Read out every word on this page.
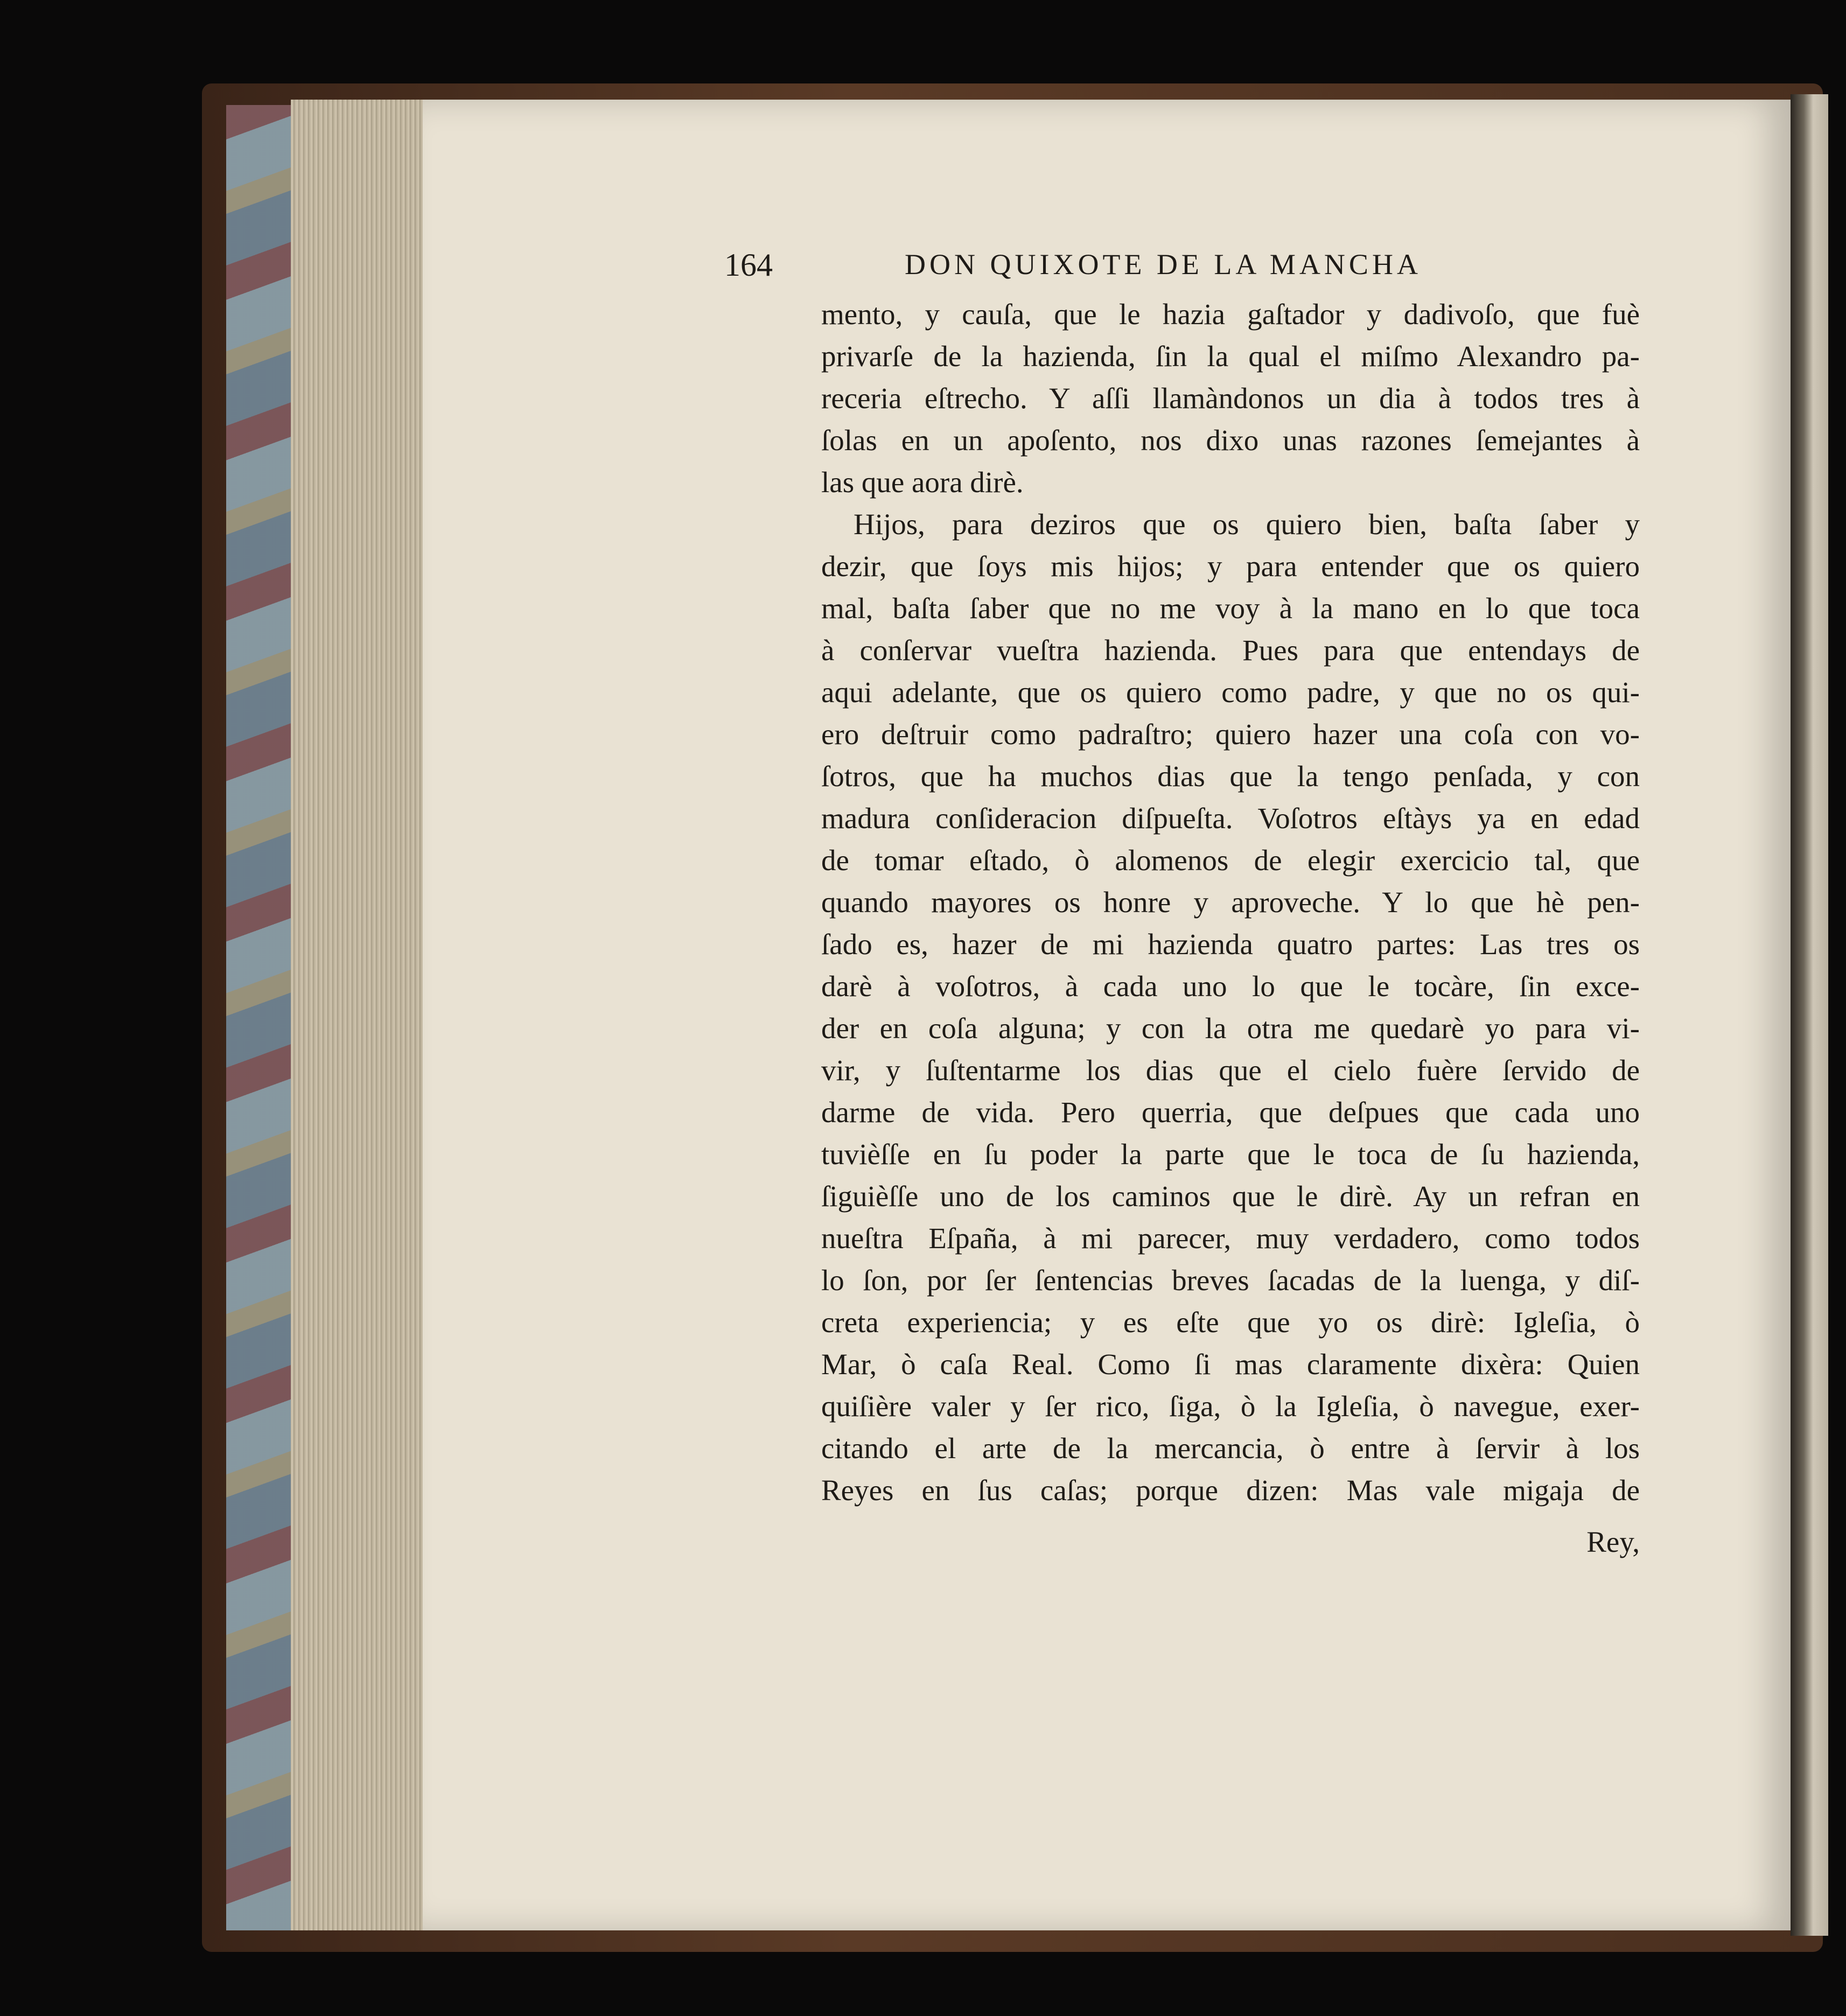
164	DON QUIXOTE DE LA MANCHA
mento, y cauſa, que le hazia gaſtador y dadivoſo, que fuè
privarſe de la hazienda, ſin la qual el miſmo Alexandro pa-
receria eſtrecho. Y aſſi llamàndonos un dia à todos tres à
ſolas en un apoſento, nos dixo unas razones ſemejantes à
las que aora dirè.
Hijos, para deziros que os quiero bien, baſta ſaber y
dezir, que ſoys mis hijos; y para entender que os quiero
mal, baſta ſaber que no me voy à la mano en lo que toca
à conſervar vueſtra hazienda. Pues para que entendays de
aqui adelante, que os quiero como padre, y que no os qui-
ero deſtruir como padraſtro; quiero hazer una coſa con vo-
ſotros, que ha muchos dias que la tengo penſada, y con
madura conſideracion diſpueſta. Voſotros eſtàys ya en edad
de tomar eſtado, ò alomenos de elegir exercicio tal, que
quando mayores os honre y aproveche. Y lo que hè pen-
ſado es, hazer de mi hazienda quatro partes: Las tres os
darè à voſotros, à cada uno lo que le tocàre, ſin exce-
der en coſa alguna; y con la otra me quedarè yo para vi-
vir, y ſuſtentarme los dias que el cielo fuère ſervido de
darme de vida. Pero querria, que deſpues que cada uno
tuvièſſe en ſu poder la parte que le toca de ſu hazienda,
ſiguièſſe uno de los caminos que le dirè. Ay un refran en
nueſtra Eſpaña, à mi parecer, muy verdadero, como todos
lo ſon, por ſer ſentencias breves ſacadas de la luenga, y diſ-
creta experiencia; y es eſte que yo os dirè: Igleſia, ò
Mar, ò caſa Real. Como ſi mas claramente dixèra: Quien
quiſière valer y ſer rico, ſiga, ò la Igleſia, ò navegue, exer-
citando el arte de la mercancia, ò entre à ſervir à los
Reyes en ſus caſas; porque dizen: Mas vale migaja de
Rey,
